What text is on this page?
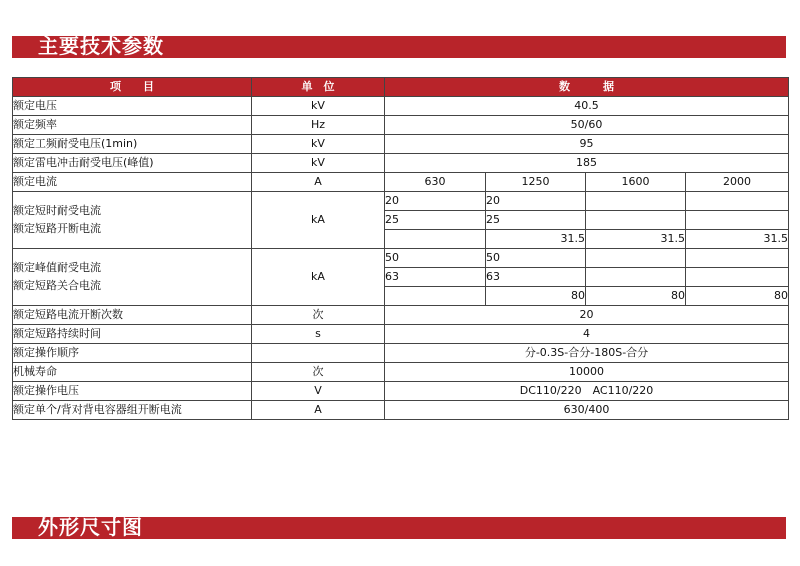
主要技术参数
项　　目	单　位	数　　　据			
额定电压	kV	40.5			
额定频率	Hz	50/60			
额定工频耐受电压(1min)	kV	95			
额定雷电冲击耐受电压(峰值)	kV	185			
额定电流	A	630	1250	1600	2000

额定短时耐受电流
额定短路开断电流	kA	20	20		
		25	25		
			31.5	31.5	31.5

额定峰值耐受电流
额定短路关合电流	kA	50	50		
		63	63		
			80	80	80
额定短路电流开断次数	次	20			
额定短路持续时间	s	4			
额定操作顺序		分-0.3S-合分-180S-合分			
机械寿命	次	10000			
额定操作电压	V	DC110/220　AC110/220			
额定单个/背对背电容器组开断电流	A	630/400			
外形尺寸图
